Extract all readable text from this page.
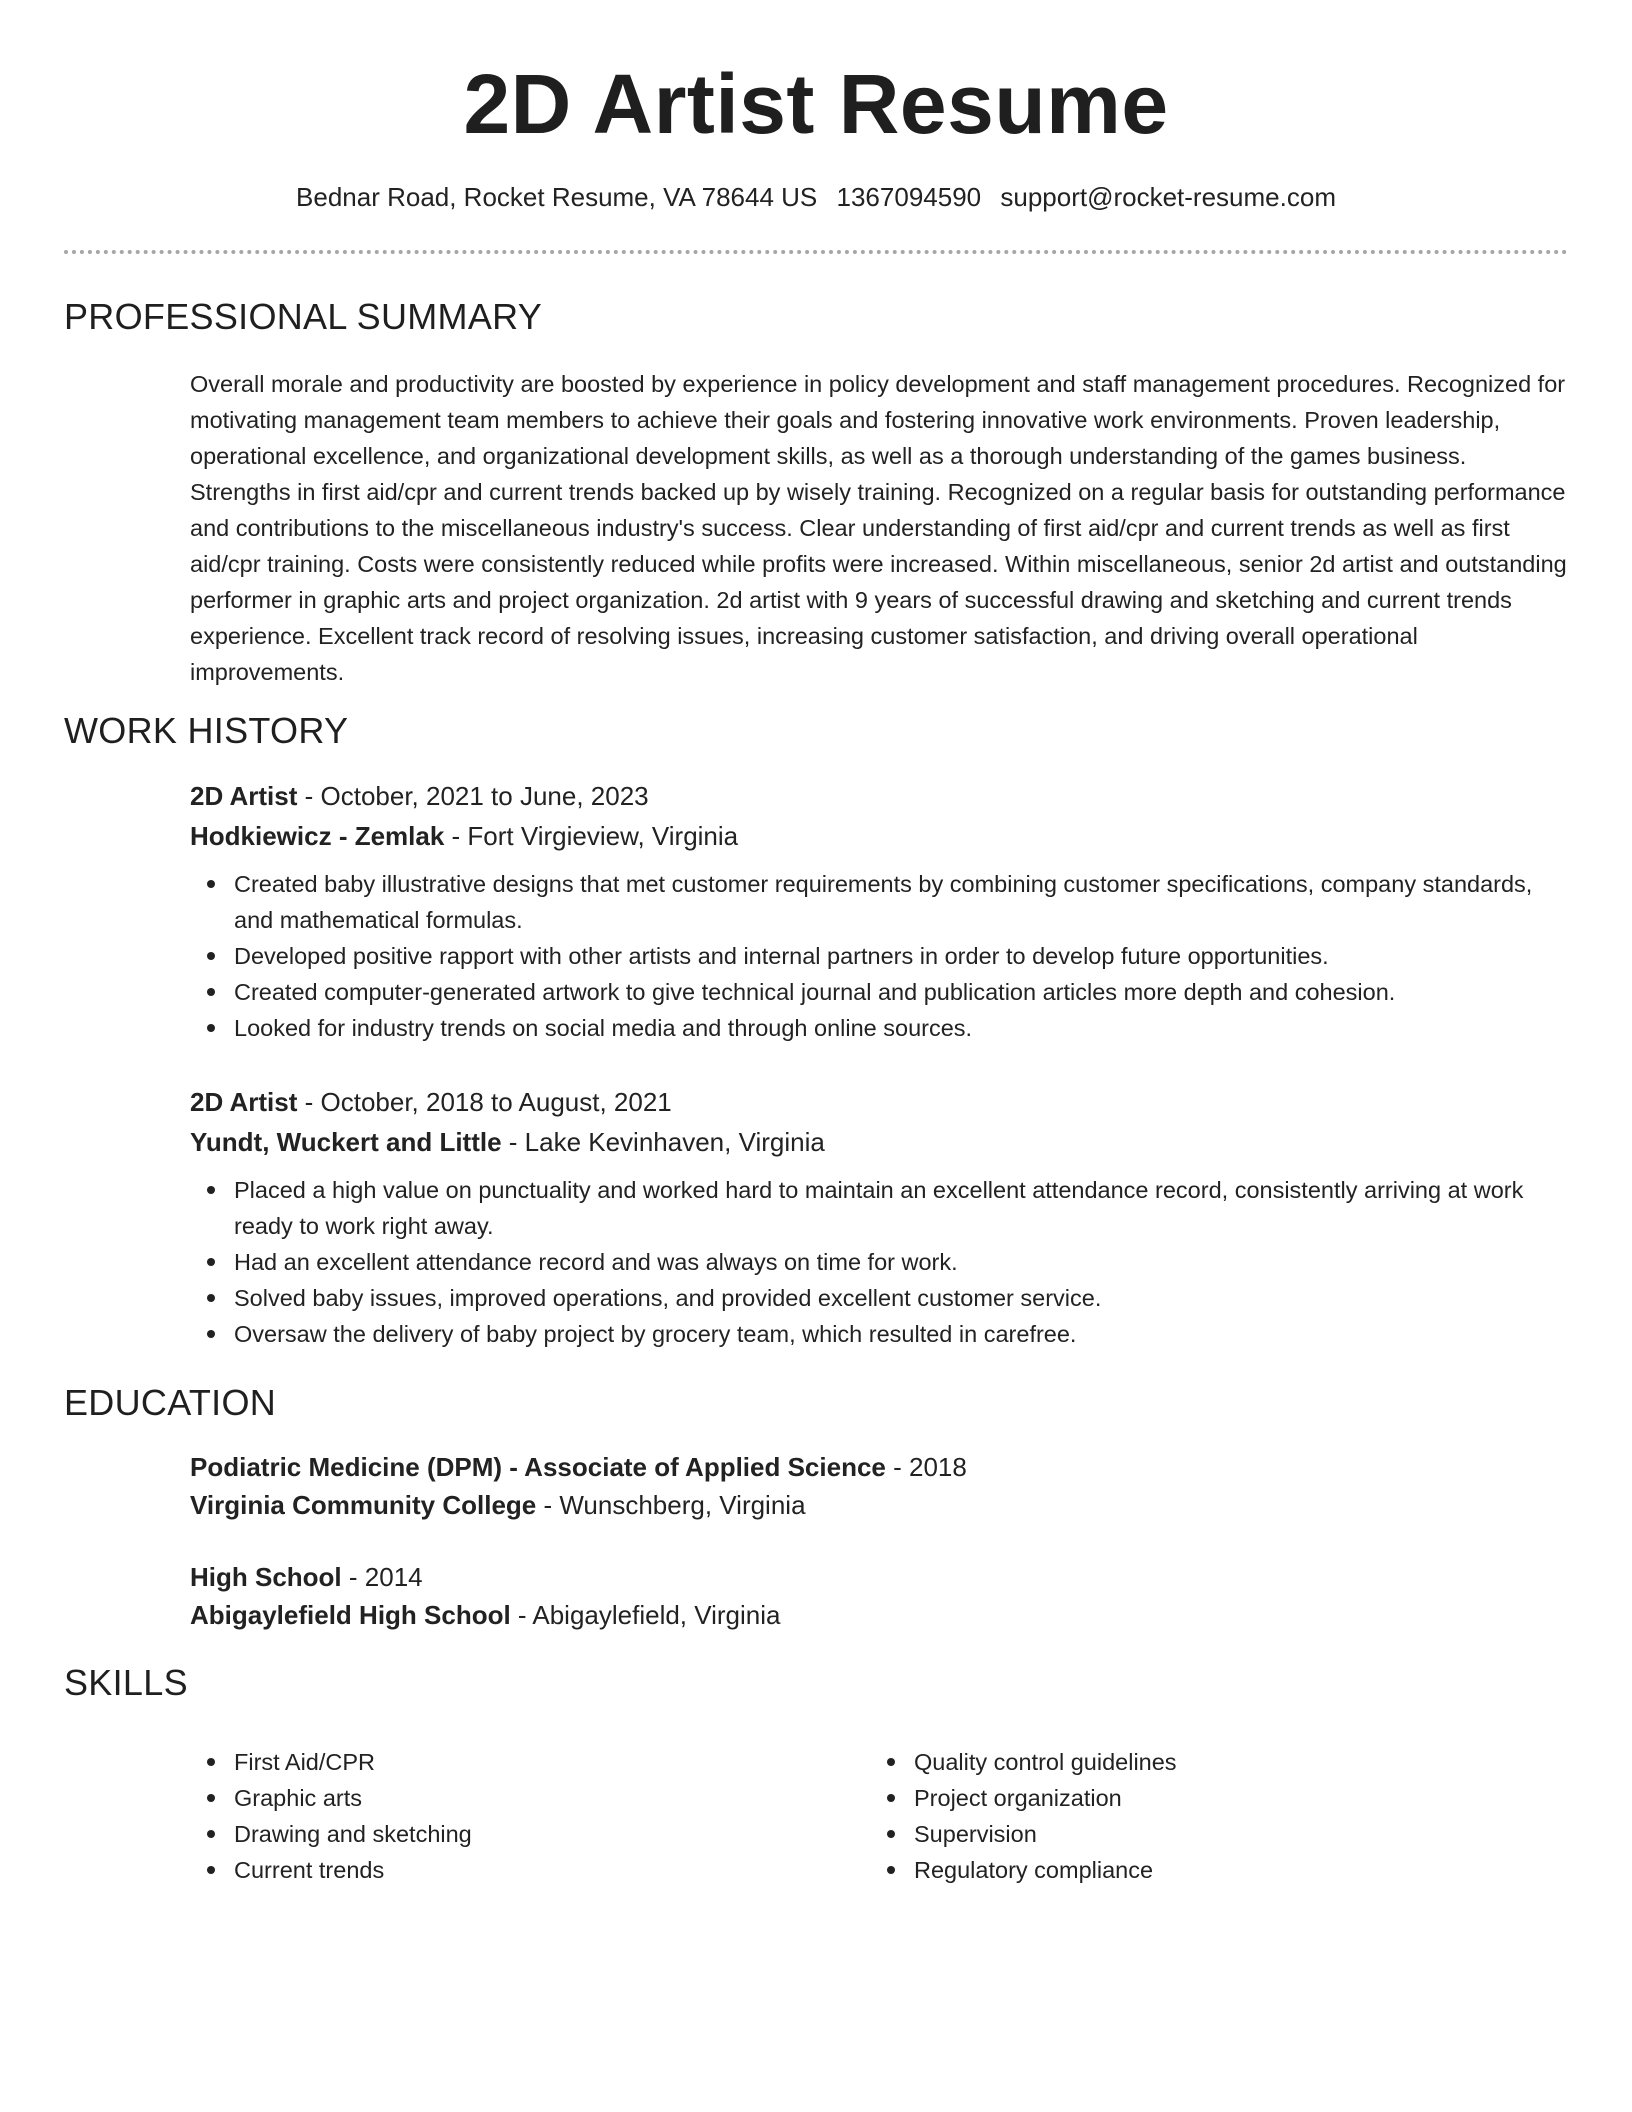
2D Artist Resume
Bednar Road, Rocket Resume, VA 78644 US 1367094590 support@rocket-resume.com
PROFESSIONAL SUMMARY

Overall morale and productivity are boosted by experience in policy development and staff management procedures. Recognized for motivating management team members to achieve their goals and fostering innovative work environments. Proven leadership, operational excellence, and organizational development skills, as well as a thorough understanding of the games business. Strengths in first aid/cpr and current trends backed up by wisely training. Recognized on a regular basis for outstanding performance and contributions to the miscellaneous industry's success. Clear understanding of first aid/cpr and current trends as well as first aid/cpr training. Costs were consistently reduced while profits were increased. Within miscellaneous, senior 2d artist and outstanding performer in graphic arts and project organization. 2d artist with 9 years of successful drawing and sketching and current trends experience. Excellent track record of resolving issues, increasing customer satisfaction, and driving overall operational improvements.

WORK HISTORY
2D Artist - October, 2021 to June, 2023
Hodkiewicz - Zemlak - Fort Virgieview, Virginia
Created baby illustrative designs that met customer requirements by combining customer specifications, company standards, and mathematical formulas.
Developed positive rapport with other artists and internal partners in order to develop future opportunities.
Created computer-generated artwork to give technical journal and publication articles more depth and cohesion.
Looked for industry trends on social media and through online sources.
2D Artist - October, 2018 to August, 2021
Yundt, Wuckert and Little - Lake Kevinhaven, Virginia
Placed a high value on punctuality and worked hard to maintain an excellent attendance record, consistently arriving at work ready to work right away.
Had an excellent attendance record and was always on time for work.
Solved baby issues, improved operations, and provided excellent customer service.
Oversaw the delivery of baby project by grocery team, which resulted in carefree.
EDUCATION
Podiatric Medicine (DPM) - Associate of Applied Science - 2018
Virginia Community College - Wunschberg, Virginia
High School - 2014
Abigaylefield High School - Abigaylefield, Virginia
SKILLS
First Aid/CPR
Graphic arts
Drawing and sketching
Current trends
Quality control guidelines
Project organization
Supervision
Regulatory compliance
